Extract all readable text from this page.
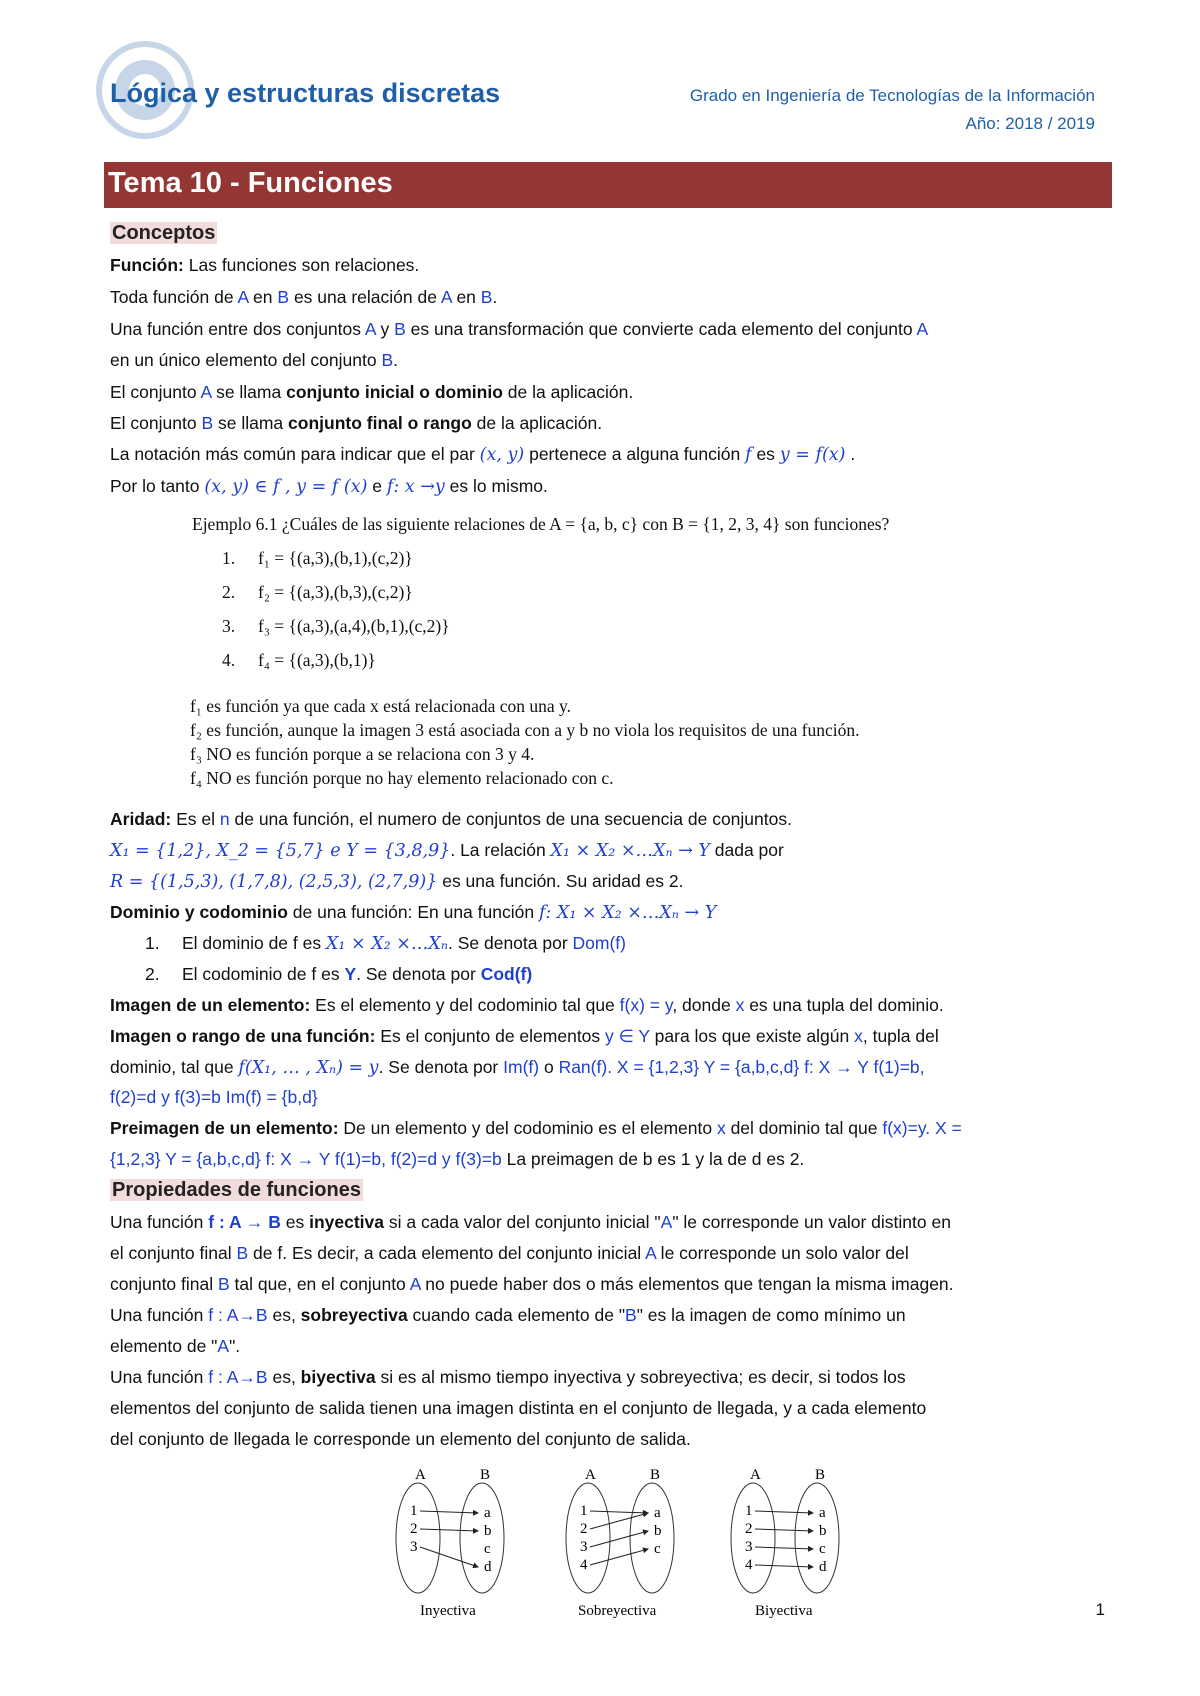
Lógica y estructuras discretas	Grado en Ingeniería de Tecnologías de la Información
Año: 2018 / 2019
Tema 10 - Funciones
Conceptos
Función: Las funciones son relaciones.
Toda función de A en B es una relación de A en B.
Una función entre dos conjuntos A y B es una transformación que convierte cada elemento del conjunto A
en un único elemento del conjunto B.
El conjunto A se llama conjunto inicial o dominio de la aplicación.
El conjunto B se llama conjunto final o rango de la aplicación.
La notación más común para indicar que el par (x, y) pertenece a alguna función f es y = f(x) .
Por lo tanto (x, y) ∈ f , y = f (x) e f: x →y es lo mismo.
Ejemplo 6.1 ¿Cuáles de las siguiente relaciones de A = {a, b, c} con B = {1, 2, 3, 4} son funciones?
1. f₁ = {(a,3),(b,1),(c,2)}
2. f₂ = {(a,3),(b,3),(c,2)}
3. f₃ = {(a,3),(a,4),(b,1),(c,2)}
4. f₄ = {(a,3),(b,1)}
f₁ es función ya que cada x está relacionada con una y.
f₂ es función, aunque la imagen 3 está asociada con a y b no viola los requisitos de una función.
f₃ NO es función porque a se relaciona con 3 y 4.
f₄ NO es función porque no hay elemento relacionado con c.
Aridad: Es el n de una función, el numero de conjuntos de una secuencia de conjuntos.
X₁ = {1,2}, X_2 = {5,7} e Y = {3,8,9}. La relación X₁ × X₂ ×…Xₙ → Y dada por
R = {(1,5,3), (1,7,8), (2,5,3), (2,7,9)} es una función. Su aridad es 2.
Dominio y codominio de una función: En una función f: X₁ × X₂ ×…Xₙ → Y
1. El dominio de f es X₁ × X₂ ×…Xₙ. Se denota por Dom(f)
2. El codominio de f es Y. Se denota por Cod(f)
Imagen de un elemento: Es el elemento y del codominio tal que f(x) = y, donde x es una tupla del dominio.
Imagen o rango de una función: Es el conjunto de elementos y ∈ Y para los que existe algún x, tupla del
dominio, tal que f(X₁, … , Xₙ) = y. Se denota por Im(f) o Ran(f). X = {1,2,3} Y = {a,b,c,d} f: X → Y f(1)=b,
f(2)=d y f(3)=b Im(f) = {b,d}
Preimagen de un elemento: De un elemento y del codominio es el elemento x del dominio tal que f(x)=y. X =
{1,2,3} Y = {a,b,c,d} f: X → Y f(1)=b, f(2)=d y f(3)=b La preimagen de b es 1 y la de d es 2.
Propiedades de funciones
Una función f : A → B es inyectiva si a cada valor del conjunto inicial "A" le corresponde un valor distinto en
el conjunto final B de f. Es decir, a cada elemento del conjunto inicial A le corresponde un solo valor del
conjunto final B tal que, en el conjunto A no puede haber dos o más elementos que tengan la misma imagen.
Una función f : A→B es, sobreyectiva cuando cada elemento de "B" es la imagen de como mínimo un
elemento de "A".
Una función f : A→B es, biyectiva si es al mismo tiempo inyectiva y sobreyectiva; es decir, si todos los
elementos del conjunto de salida tienen una imagen distinta en el conjunto de llegada, y a cada elemento
del conjunto de llegada le corresponde un elemento del conjunto de salida.
A	B
1
2
3
a
b
c
d
Inyectiva
A	B
1
2
3
4
a
b
c
Sobreyectiva
A	B
1
2
3
4
a
b
c
d
Biyectiva	1
